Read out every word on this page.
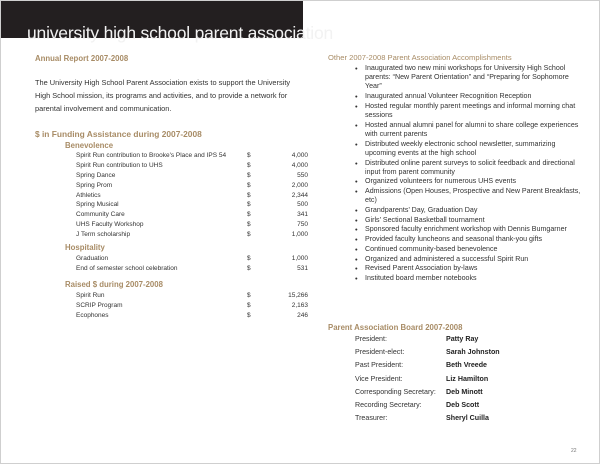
university high school parent association
Annual Report 2007-2008
The University High School Parent Association exists to support the University High School mission, its programs and activities, and to provide a network for parental involvement and communication.
$ in Funding Assistance during 2007-2008
Benevolence
Spirit Run contribution to Brooke's Place and IPS 54	$	4,000
Spirit Run contribution to UHS	$	4,000
Spring Dance	$	550
Spring Prom	$	2,000
Athletics	$	2,344
Spring Musical	$	500
Community Care	$	341
UHS Faculty Workshop	$	750
J Term scholarship	$	1,000
Hospitality
Graduation	$	1,000
End of semester school celebration	$	531
Raised $ during 2007-2008
Spirit Run	$	15,266
SCRIP Program	$	2,163
Ecophones	$	246
Other 2007-2008 Parent Association Accomplishments
• Inaugurated two new mini workshops for University High School parents: “New Parent Orientation” and “Preparing for Sophomore Year”
• Inaugurated annual Volunteer Recognition Reception
• Hosted regular monthly parent meetings and informal morning chat sessions
• Hosted annual alumni panel for alumni to share college experiences with current parents
• Distributed weekly electronic school newsletter, summarizing upcoming events at the high school
• Distributed online parent surveys to solicit feedback and directional input from parent community
• Organized volunteers for numerous UHS events
• Admissions (Open Houses, Prospective and New Parent Breakfasts, etc)
• Grandparents’ Day, Graduation Day
• Girls’ Sectional Basketball tournament
• Sponsored faculty enrichment workshop with Dennis Bumgarner
• Provided faculty luncheons and seasonal thank-you gifts
• Continued community-based benevolence
• Organized and administered a successful Spirit Run
• Revised Parent Association by-laws
• Instituted board member notebooks
Parent Association Board 2007-2008
President:	Patty Ray
President-elect:	Sarah Johnston
Past President:	Beth Vreede
Vice President:	Liz Hamilton
Corresponding Secretary: Deb Minott
Recording Secretary:	Deb Scott
Treasurer:	Sheryl Cuilla
22
